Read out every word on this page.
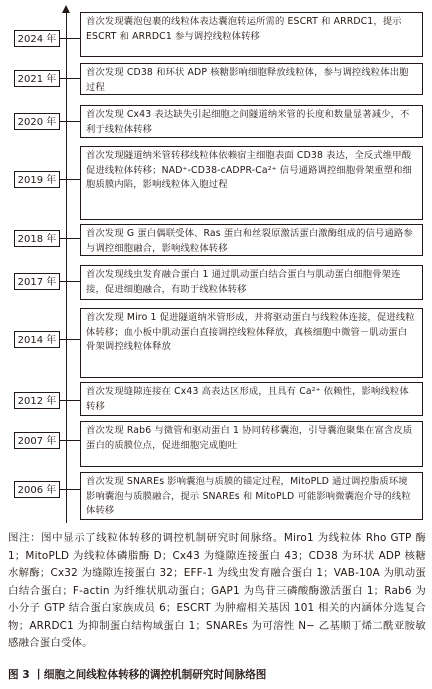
2024 年
首次发现囊泡包裹的线粒体表达囊泡转运所需的 ESCRT 和 ARRDC1，提示 ESCRT 和 ARRDC1 参与调控线粒体转移
2021 年
首次发现 CD38 和环状 ADP 核糖影响细胞释放线粒体，参与调控线粒体出胞过程
2020 年
首次发现 Cx43 表达缺失引起细胞之间隧道纳米管的长度和数量显著减少，不利于线粒体转移
2019 年
首次发现隧道纳米管转移线粒体依赖宿主细胞表面 CD38 表达，全反式维甲酸促进线粒体转移；NAD⁺-CD38-cADPR-Ca²⁺ 信号通路调控细胞骨架重塑和细胞质膜内陷，影响线粒体入胞过程
2018 年
首次发现 G 蛋白偶联受体、Ras 蛋白和丝裂原激活蛋白激酶组成的信号通路参与调控细胞融合，影响线粒体转移
2017 年
首次发现线虫发育融合蛋白 1 通过肌动蛋白结合蛋白与肌动蛋白细胞骨架连接，促进细胞融合，有助于线粒体转移
2014 年
首次发现 Miro 1 促进隧道纳米管形成，并将驱动蛋白与线粒体连接，促进线粒体转移；血小板中肌动蛋白直接调控线粒体释放，真核细胞中微管－肌动蛋白骨架调控线粒体释放
2012 年
首次发现缝隙连接在 Cx43 高表达区形成，且具有 Ca²⁺ 依赖性，影响线粒体转移
2007 年
首次发现 Rab6 与微管和驱动蛋白 1 协同转移囊泡，引导囊泡聚集在富含皮质蛋白的质膜位点，促进细胞完成胞吐
2006 年
首次发现 SNAREs 影响囊泡与质膜的锚定过程，MitoPLD 通过调控脂质环境影响囊泡与质膜融合，提示 SNAREs 和 MitoPLD 可能影响微囊泡介导的线粒体转移
图注：图中显示了线粒体转移的调控机制研究时间脉络。Miro1 为线粒体 Rho GTP 酶 1；MitoPLD 为线粒体磷脂酶 D；Cx43 为缝隙连接蛋白 43；CD38 为环状 ADP 核糖水解酶；Cx32 为缝隙连接蛋白 32；EFF-1 为线虫发育融合蛋白 1；VAB-10A 为肌动蛋白结合蛋白；F-actin 为纤维状肌动蛋白；GAP1 为鸟苷三磷酸酶激活蛋白 1；Rab6 为小分子 GTP 结合蛋白家族成员 6；ESCRT 为肿瘤相关基因 101 相关的内涵体分选复合物；ARRDC1 为抑制蛋白结构域蛋白 1；SNAREs 为可溶性 N− 乙基顺丁烯二酰亚胺敏感融合蛋白受体。
图 3 丨细胞之间线粒体转移的调控机制研究时间脉络图
